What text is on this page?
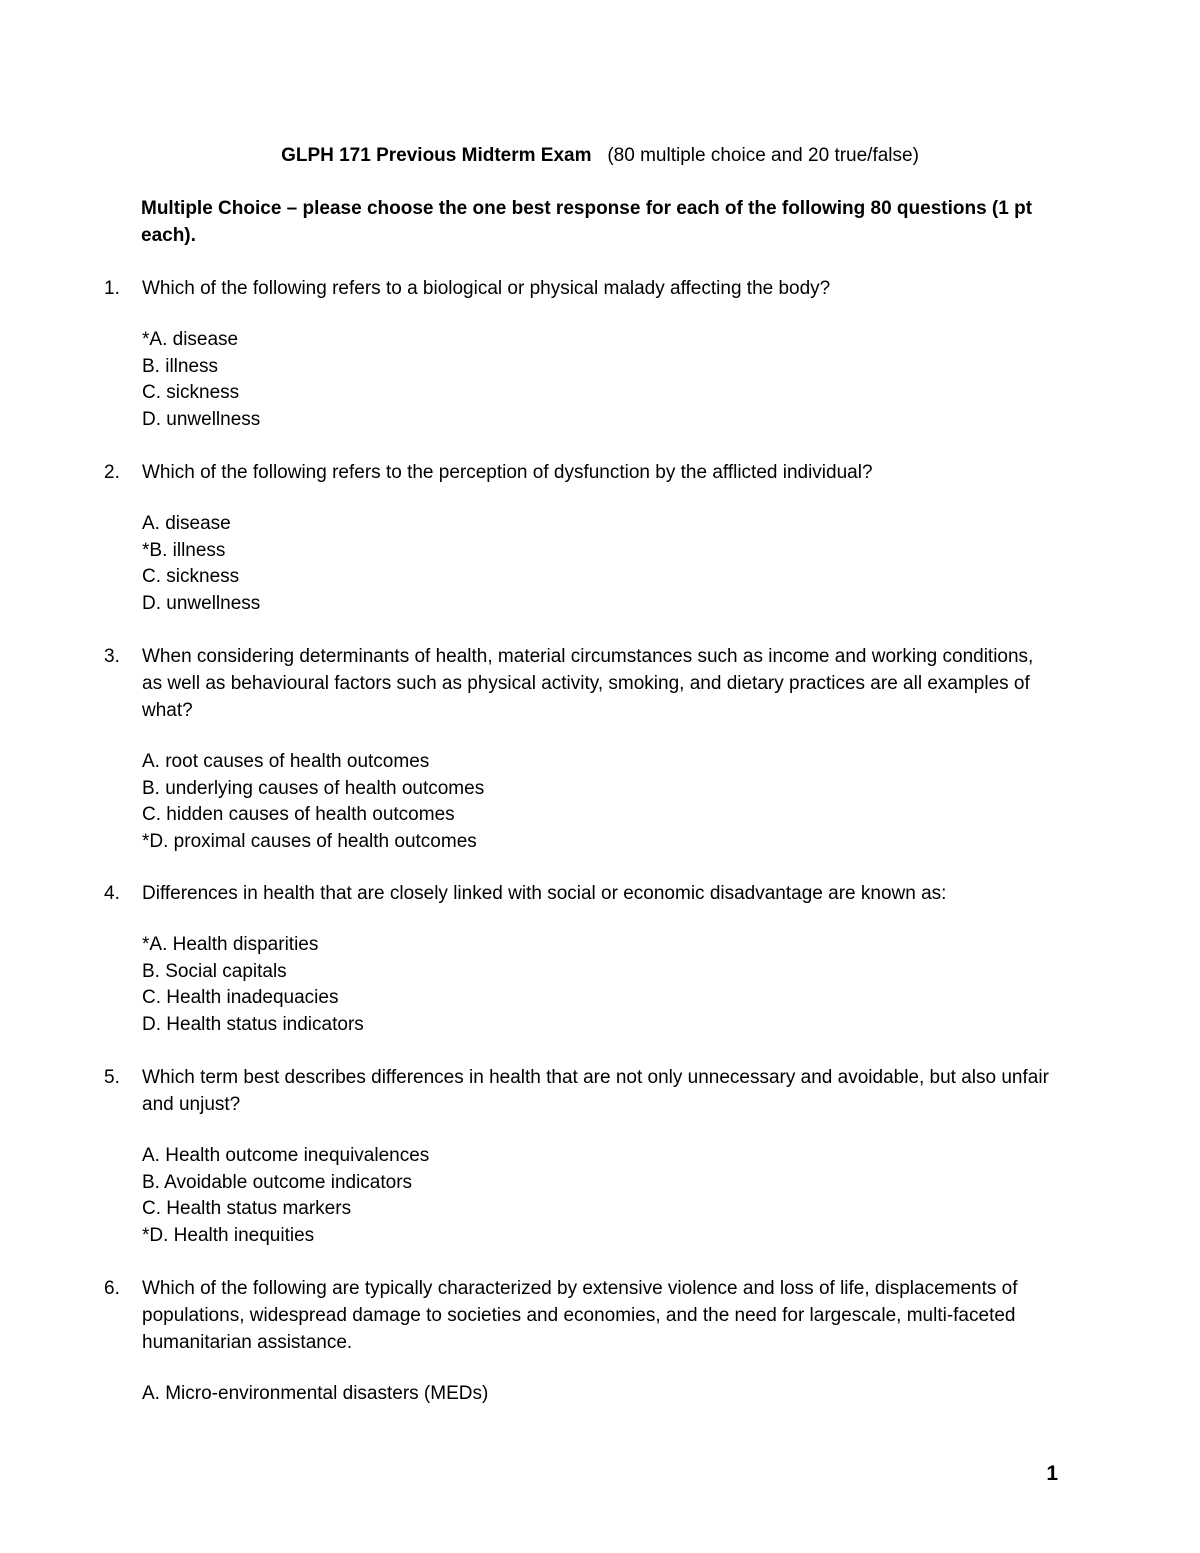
GLPH 171 Previous Midterm Exam (80 multiple choice and 20 true/false)
Multiple Choice – please choose the one best response for each of the following 80 questions (1 pt each).
1.	Which of the following refers to a biological or physical malady affecting the body?
*A. disease
B. illness
C. sickness
D. unwellness
2.	Which of the following refers to the perception of dysfunction by the afflicted individual?
A. disease
*B. illness
C. sickness
D. unwellness
3.	When considering determinants of health, material circumstances such as income and working conditions, as well as behavioural factors such as physical activity, smoking, and dietary practices are all examples of what?
A. root causes of health outcomes
B. underlying causes of health outcomes
C. hidden causes of health outcomes
*D. proximal causes of health outcomes
4.	Differences in health that are closely linked with social or economic disadvantage are known as:
*A. Health disparities
B. Social capitals
C. Health inadequacies
D. Health status indicators
5.	Which term best describes differences in health that are not only unnecessary and avoidable, but also unfair and unjust?
A. Health outcome inequivalences
B. Avoidable outcome indicators
C. Health status markers
*D. Health inequities
6.	Which of the following are typically characterized by extensive violence and loss of life, displacements of populations, widespread damage to societies and economies, and the need for largescale, multi-faceted humanitarian assistance.
A. Micro-environmental disasters (MEDs)
1
